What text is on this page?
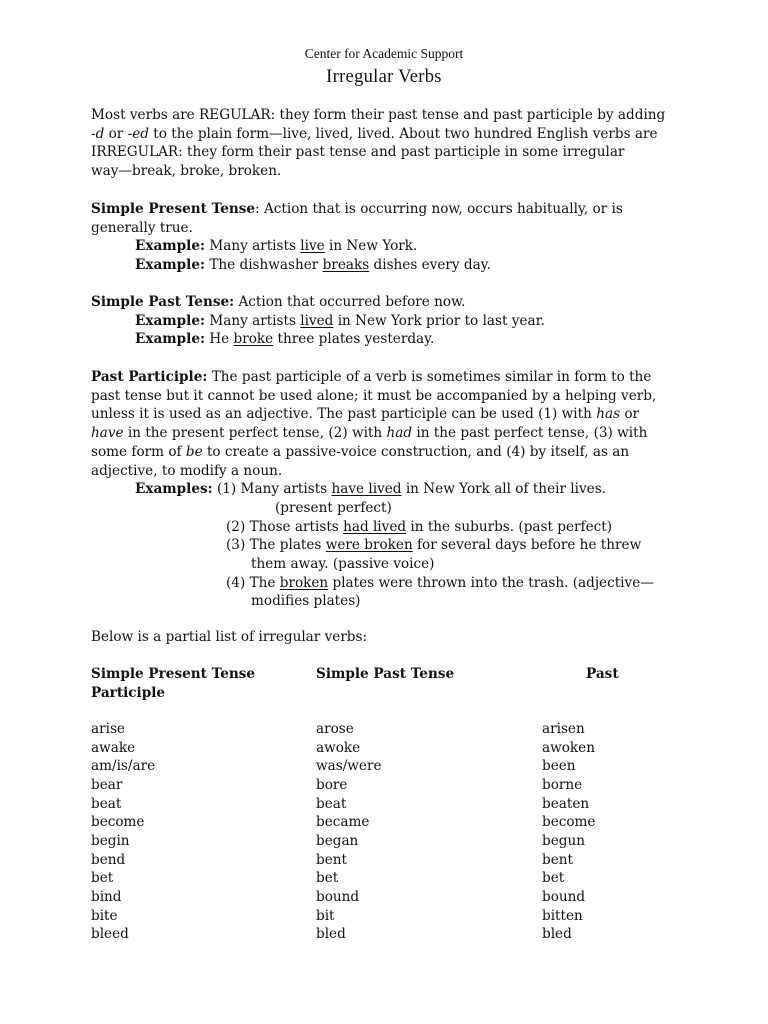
Center for Academic Support
Irregular Verbs
Most verbs are REGULAR: they form their past tense and past participle by adding
-d or -ed to the plain form—live, lived, lived. About two hundred English verbs are
IRREGULAR: they form their past tense and past participle in some irregular
way—break, broke, broken.
Simple Present Tense: Action that is occurring now, occurs habitually, or is
generally true.
Example: Many artists live in New York.
Example: The dishwasher breaks dishes every day.
Simple Past Tense: Action that occurred before now.
Example: Many artists lived in New York prior to last year.
Example: He broke three plates yesterday.
Past Participle: The past participle of a verb is sometimes similar in form to the
past tense but it cannot be used alone; it must be accompanied by a helping verb,
unless it is used as an adjective. The past participle can be used (1) with has or
have in the present perfect tense, (2) with had in the past perfect tense, (3) with
some form of be to create a passive-voice construction, and (4) by itself, as an
adjective, to modify a noun.
Examples: (1) Many artists have lived in New York all of their lives.
(present perfect)
(2) Those artists had lived in the suburbs. (past perfect)
(3) The plates were broken for several days before he threw
them away. (passive voice)
(4) The broken plates were thrown into the trash. (adjective—
modifies plates)
Below is a partial list of irregular verbs:
Simple Present Tense	Simple Past Tense	Past
Participle
arise	arose	arisen
awake	awoke	awoken
am/is/are	was/were	been
bear	bore	borne
beat	beat	beaten
become	became	become
begin	began	begun
bend	bent	bent
bet	bet	bet
bind	bound	bound
bite	bit	bitten
bleed	bled	bled
